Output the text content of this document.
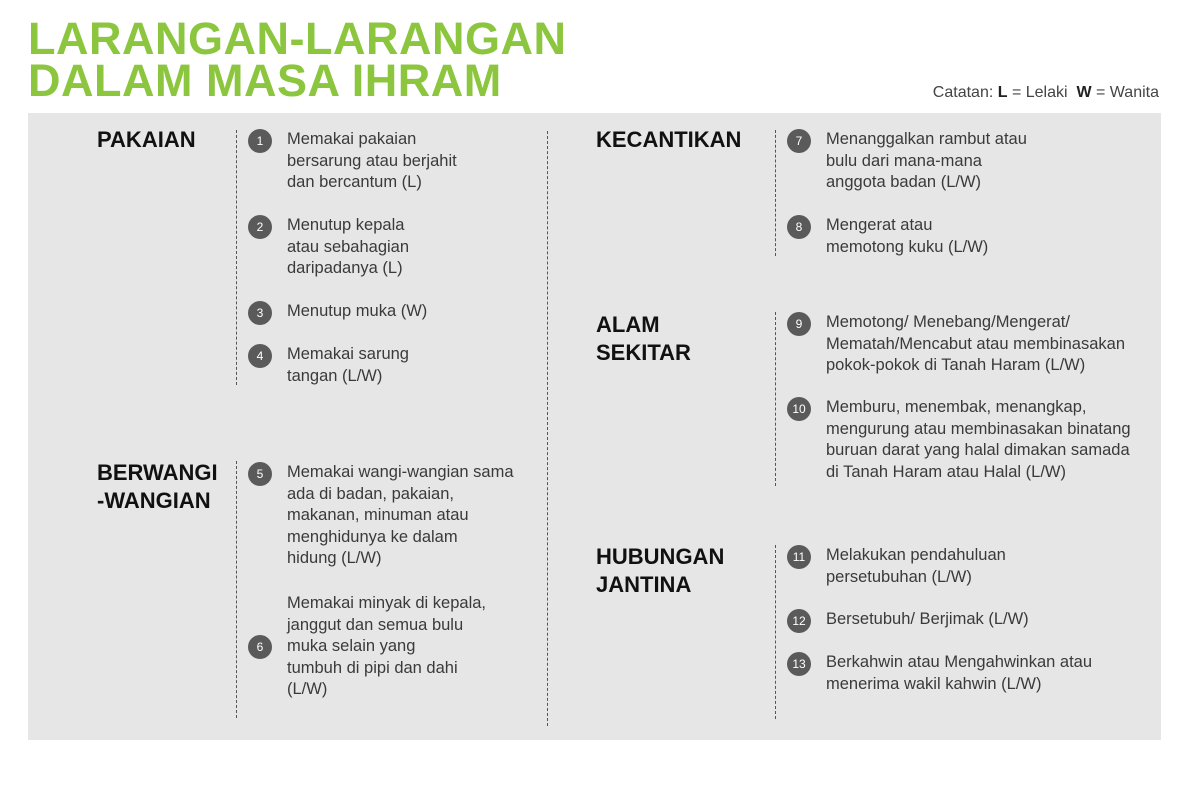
LARANGAN-LARANGAN
DALAM MASA IHRAM	Catatan: L = Lelaki  W = Wanita
PAKAIAN	1	Memakai pakaian
bersarung atau berjahit
dan bercantum (L)
2	Menutup kepala
atau sebahagian
daripadanya (L)
3	Menutup muka (W)
4	Memakai sarung
tangan (L/W)
BERWANGI
-WANGIAN
5	Memakai wangi-wangian sama
ada di badan, pakaian,
makanan, minuman atau
menghidunya ke dalam
hidung (L/W)
6
Memakai minyak di kepala,
janggut dan semua bulu
muka selain yang
tumbuh di pipi dan dahi
(L/W)
KECANTIKAN	7	Menanggalkan rambut atau
bulu dari mana-mana
anggota badan (L/W)
8	Mengerat atau
memotong kuku (L/W)
ALAM
SEKITAR
9	Memotong/ Menebang/Mengerat/
Mematah/Mencabut atau membinasakan
pokok-pokok di Tanah Haram (L/W)
10	Memburu, menembak, menangkap,
mengurung atau membinasakan binatang
buruan darat yang halal dimakan samada
di Tanah Haram atau Halal (L/W)
HUBUNGAN
JANTINA
11	Melakukan pendahuluan
persetubuhan (L/W)
12	Bersetubuh/ Berjimak (L/W)
13	Berkahwin atau Mengahwinkan atau
menerima wakil kahwin (L/W)
